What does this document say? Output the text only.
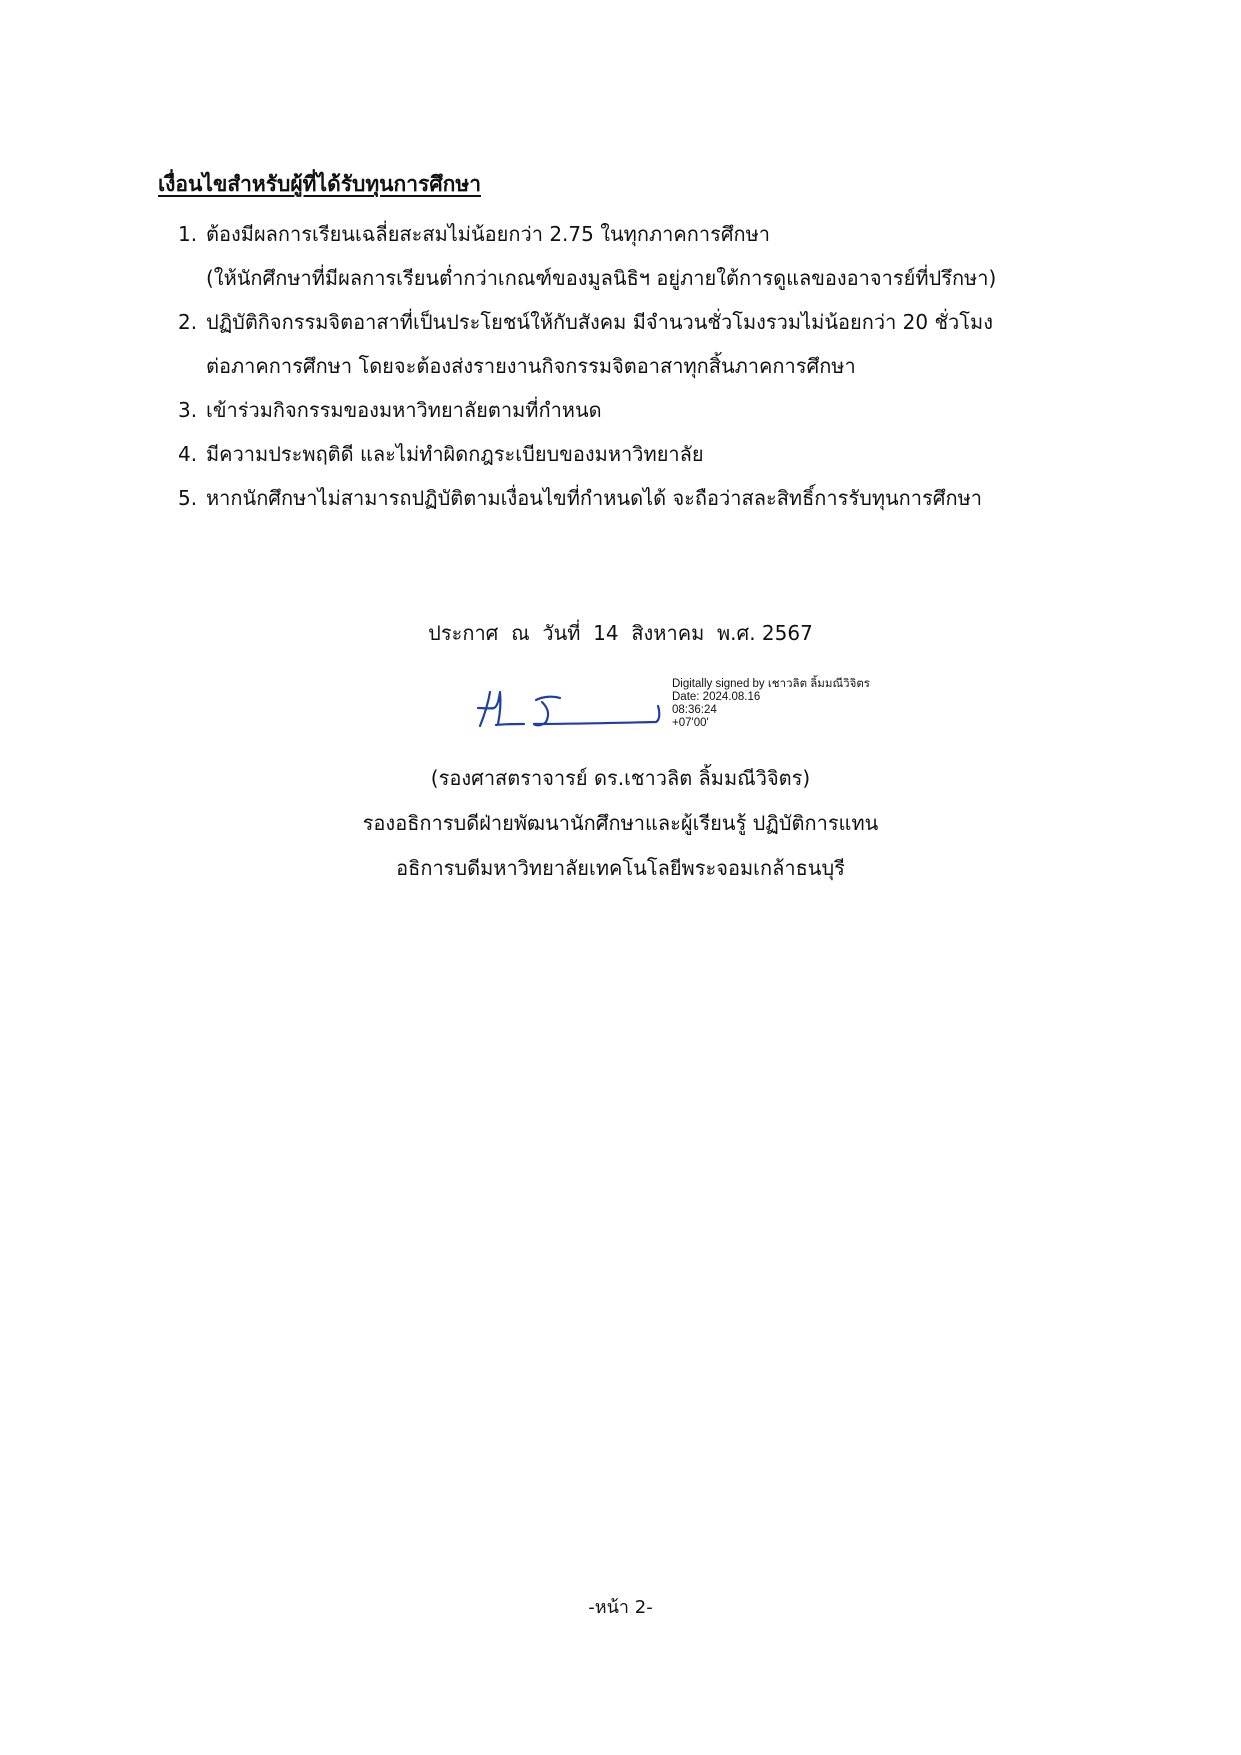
เงื่อนไขสำหรับผู้ที่ได้รับทุนการศึกษา
1. ต้องมีผลการเรียนเฉลี่ยสะสมไม่น้อยกว่า 2.75 ในทุกภาคการศึกษา
(ให้นักศึกษาที่มีผลการเรียนต่ำกว่าเกณฑ์ของมูลนิธิฯ อยู่ภายใต้การดูแลของอาจารย์ที่ปรึกษา)
2. ปฏิบัติกิจกรรมจิตอาสาที่เป็นประโยชน์ให้กับสังคม มีจำนวนชั่วโมงรวมไม่น้อยกว่า 20 ชั่วโมง
ต่อภาคการศึกษา โดยจะต้องส่งรายงานกิจกรรมจิตอาสาทุกสิ้นภาคการศึกษา
3. เข้าร่วมกิจกรรมของมหาวิทยาลัยตามที่กำหนด
4. มีความประพฤติดี และไม่ทำผิดกฎระเบียบของมหาวิทยาลัย
5. หากนักศึกษาไม่สามารถปฏิบัติตามเงื่อนไขที่กำหนดได้ จะถือว่าสละสิทธิ์การรับทุนการศึกษา
ประกาศ  ณ  วันที่  14  สิงหาคม  พ.ศ. 2567
Digitally signed by เชาวลิต ลิ้มมณีวิจิตร
Date: 2024.08.16
08:36:24
+07'00'
(รองศาสตราจารย์ ดร.เชาวลิต ลิ้มมณีวิจิตร)
รองอธิการบดีฝ่ายพัฒนานักศึกษาและผู้เรียนรู้ ปฏิบัติการแทน
อธิการบดีมหาวิทยาลัยเทคโนโลยีพระจอมเกล้าธนบุรี
-หน้า 2-
